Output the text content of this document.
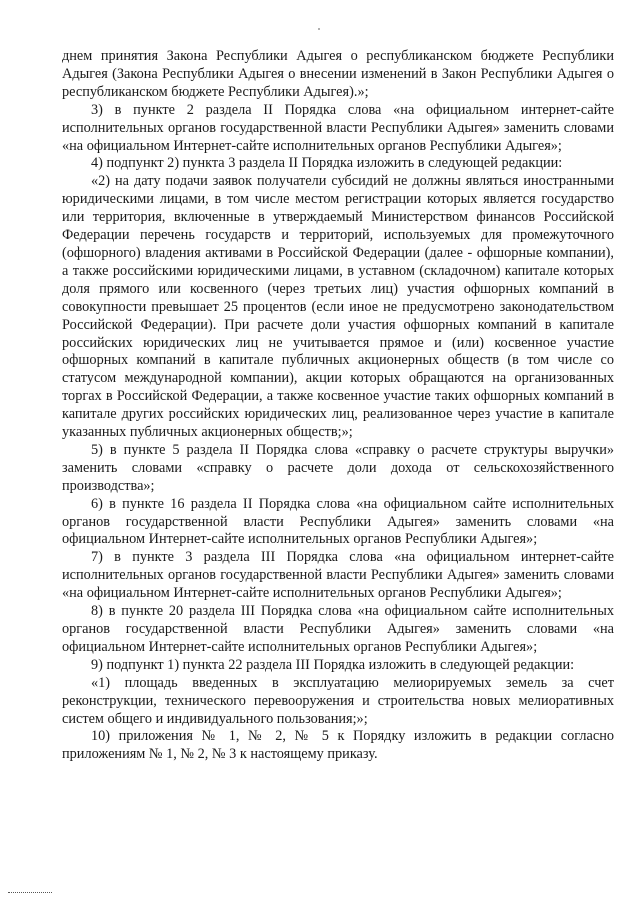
днем принятия Закона Республики Адыгея о республиканском бюджете Республики Адыгея (Закона Республики Адыгея о внесении изменений в Закон Республики Адыгея о республиканском бюджете Республики Адыгея).»;

3) в пункте 2 раздела II Порядка слова «на официальном интернет-сайте исполнительных органов государственной власти Республики Адыгея» заменить словами «на официальном Интернет-сайте исполнительных органов Республики Адыгея»;

4) подпункт 2) пункта 3 раздела II Порядка изложить в следующей редакции:

«2) на дату подачи заявок получатели субсидий не должны являться иностранными юридическими лицами, в том числе местом регистрации которых является государство или территория, включенные в утверждаемый Министерством финансов Российской Федерации перечень государств и территорий, используемых для промежуточного (офшорного) владения активами в Российской Федерации (далее - офшорные компании), а также российскими юридическими лицами, в уставном (складочном) капитале которых доля прямого или косвенного (через третьих лиц) участия офшорных компаний в совокупности превышает 25 процентов (если иное не предусмотрено законодательством Российской Федерации). При расчете доли участия офшорных компаний в капитале российских юридических лиц не учитывается прямое и (или) косвенное участие офшорных компаний в капитале публичных акционерных обществ (в том числе со статусом международной компании), акции которых обращаются на организованных торгах в Российской Федерации, а также косвенное участие таких офшорных компаний в капитале других российских юридических лиц, реализованное через участие в капитале указанных публичных акционерных обществ;»;

5) в пункте 5 раздела II Порядка слова «справку о расчете структуры выручки» заменить словами «справку о расчете доли дохода от сельскохозяйственного производства»;

6) в пункте 16 раздела II Порядка слова «на официальном сайте исполнительных органов государственной власти Республики Адыгея» заменить словами «на официальном Интернет-сайте исполнительных органов Республики Адыгея»;

7) в пункте 3 раздела III Порядка слова «на официальном интернет-сайте исполнительных органов государственной власти Республики Адыгея» заменить словами «на официальном Интернет-сайте исполнительных органов Республики Адыгея»;

8) в пункте 20 раздела III Порядка слова «на официальном сайте исполнительных органов государственной власти Республики Адыгея» заменить словами «на официальном Интернет-сайте исполнительных органов Республики Адыгея»;

9) подпункт 1) пункта 22 раздела III Порядка изложить в следующей редакции:

«1) площадь введенных в эксплуатацию мелиорируемых земель за счет реконструкции, технического перевооружения и строительства новых мелиоративных систем общего и индивидуального пользования;»;

10) приложения № 1, № 2, № 5 к Порядку изложить в редакции согласно приложениям № 1, № 2, № 3 к настоящему приказу.
